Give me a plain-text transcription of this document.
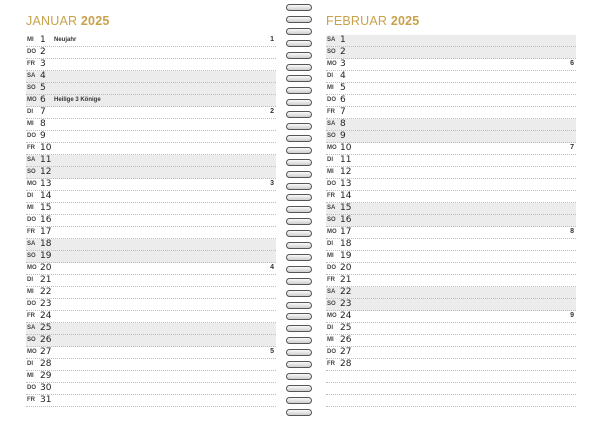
JANUAR 2025
MI 1 Neujahr	1
DO 2
FR 3
SA 4
SO 5
MO 6 Heilige 3 Könige
DI 7	2
MI 8
DO 9
FR 10
SA 11
SO 12
MO 13	3
DI 14
MI 15
DO 16
FR 17
SA 18
SO 19
MO 20	4
DI 21
MI 22
DO 23
FR 24
SA 25
SO 26
MO 27	5
DI 28
MI 29
DO 30
FR 31
FEBRUAR 2025
SA 1
SO 2
MO 3	6
DI 4
MI 5
DO 6
FR 7
SA 8
SO 9
MO 10	7
DI 11
MI 12
DO 13
FR 14
SA 15
SO 16
MO 17	8
DI 18
MI 19
DO 20
FR 21
SA 22
SO 23
MO 24	9
DI 25
MI 26
DO 27
FR 28
